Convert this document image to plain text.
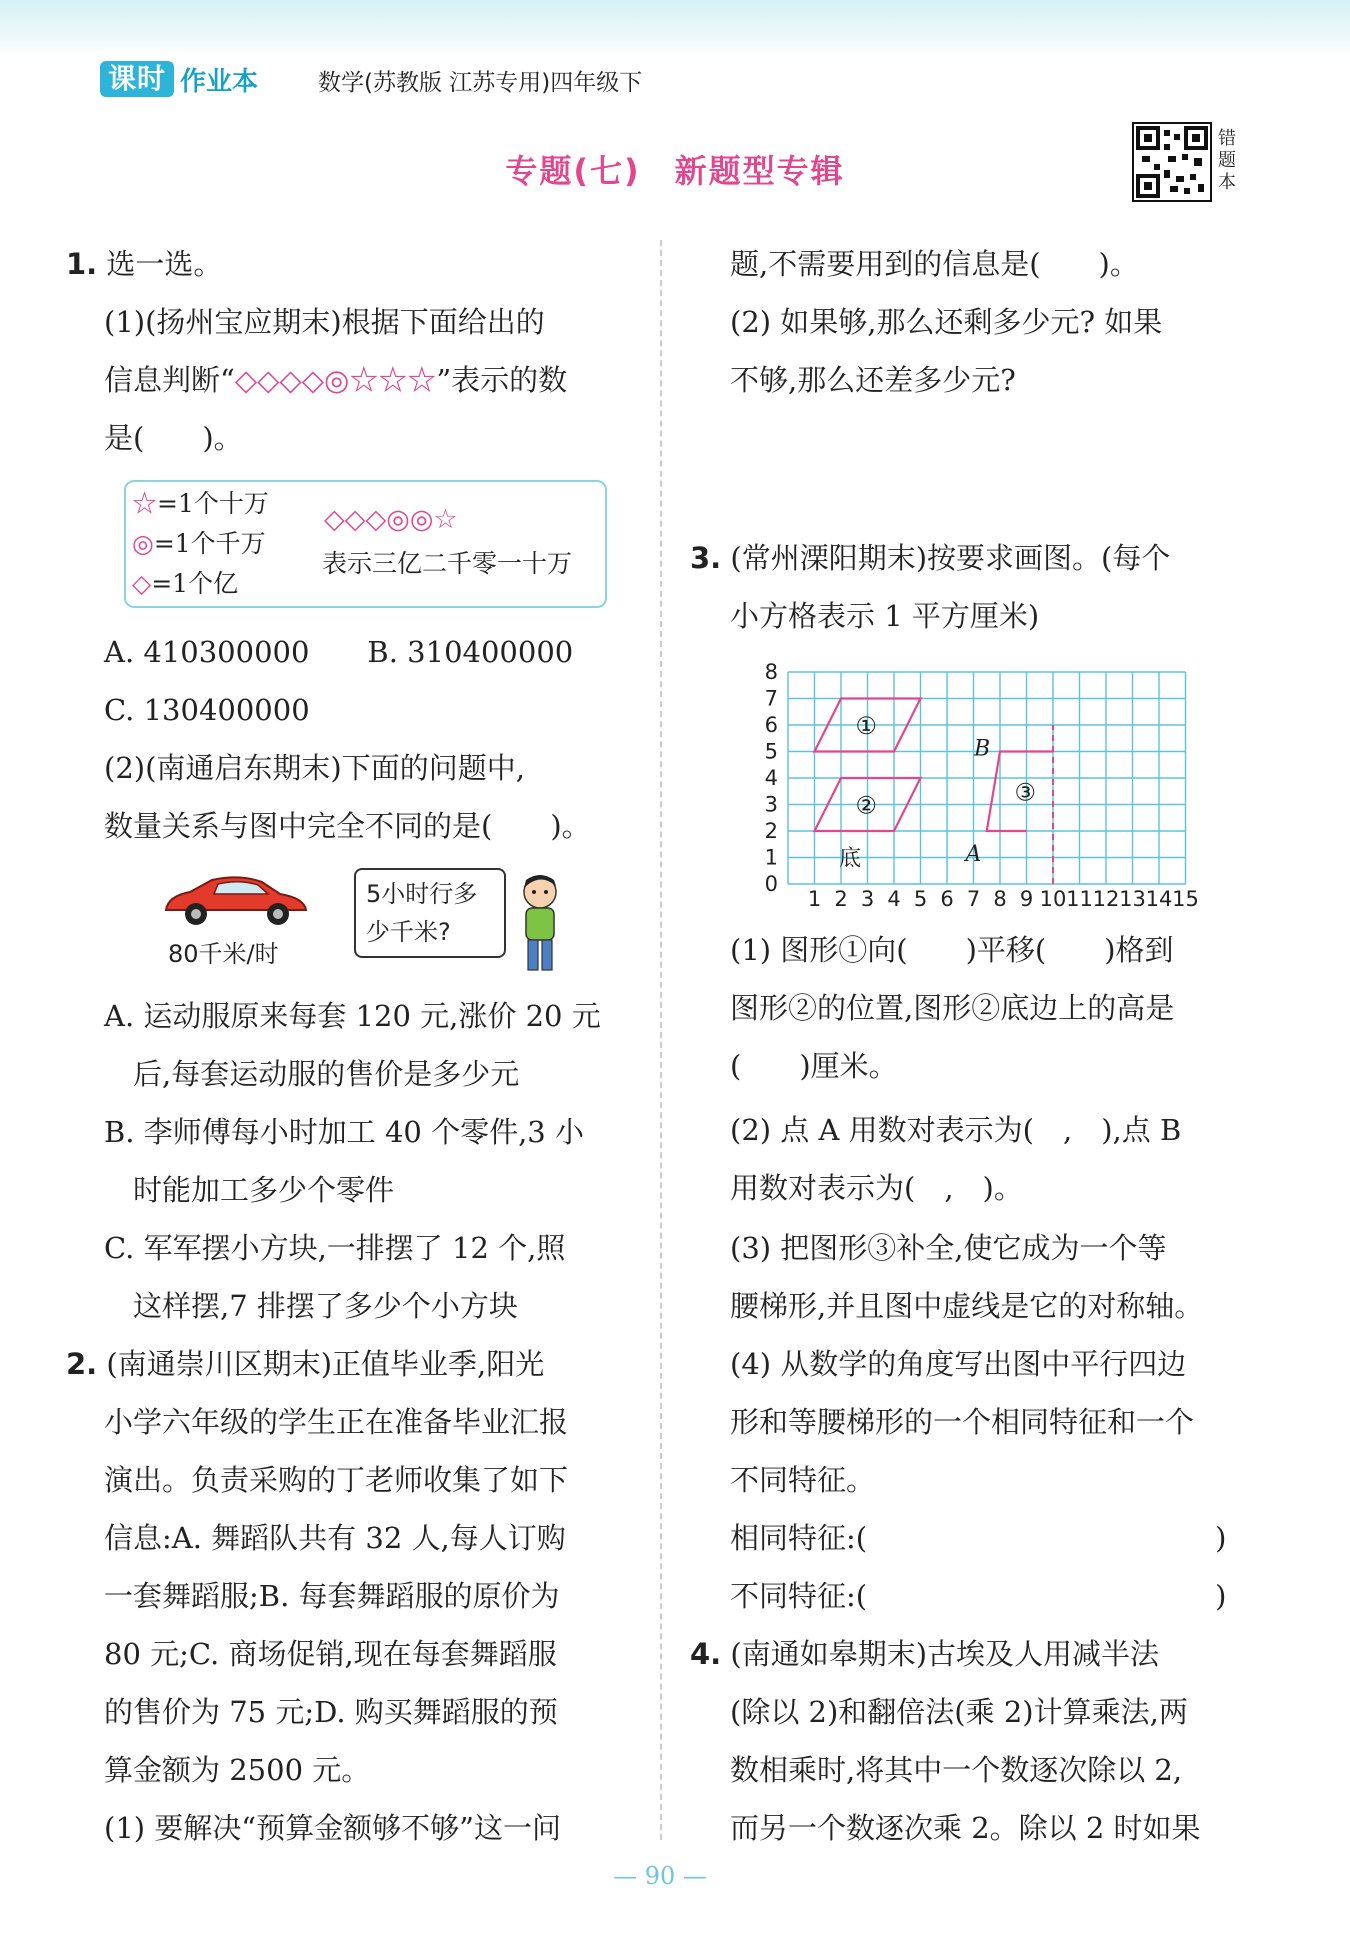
课时 作业本	数学(苏教版 江苏专用)四年级下
专题(七)　新题型专辑
错题本
1. 选一选。
(1)(扬州宝应期末)根据下面给出的
信息判断“◇◇◇◇◎☆☆☆”表示的数
是(　　)。
☆=1个十万
◎=1个千万
◇=1个亿
◇◇◇◎◎☆
表示三亿二千零一十万
A. 410300000　　B. 310400000
C. 130400000
(2)(南通启东期末)下面的问题中,
数量关系与图中完全不同的是(　　)。
80千米/时
5小时行多
少千米?
A. 运动服原来每套 120 元,涨价 20 元
　后,每套运动服的售价是多少元
B. 李师傅每小时加工 40 个零件,3 小
　时能加工多少个零件
C. 军军摆小方块,一排摆了 12 个,照
　这样摆,7 排摆了多少个小方块
2. (南通崇川区期末)正值毕业季,阳光
小学六年级的学生正在准备毕业汇报
演出。负责采购的丁老师收集了如下
信息:A. 舞蹈队共有 32 人,每人订购
一套舞蹈服;B. 每套舞蹈服的原价为
80 元;C. 商场促销,现在每套舞蹈服
的售价为 75 元;D. 购买舞蹈服的预
算金额为 2500 元。
(1) 要解决“预算金额够不够”这一问
题,不需要用到的信息是(　　)。
(2) 如果够,那么还剩多少元? 如果
不够,那么还差多少元?
3. (常州溧阳期末)按要求画图。(每个
小方格表示 1 平方厘米)
1 2 3 4 5 6 7 8 9 10 11 12 13 14 15
0
1
2
3
4
5
6
7
8
①
②	③
底	A
B
(1) 图形①向(　　)平移(　　)格到
图形②的位置,图形②底边上的高是
(　　)厘米。
(2) 点 A 用数对表示为(　,　),点 B
用数对表示为(　,　)。
(3) 把图形③补全,使它成为一个等
腰梯形,并且图中虚线是它的对称轴。
(4) 从数学的角度写出图中平行四边
形和等腰梯形的一个相同特征和一个
不同特征。
相同特征:(　　　　　　　　　　　　)
不同特征:(　　　　　　　　　　　　)
4. (南通如皋期末)古埃及人用减半法
(除以 2)和翻倍法(乘 2)计算乘法,两
数相乘时,将其中一个数逐次除以 2,
而另一个数逐次乘 2。除以 2 时如果
— 90 —
